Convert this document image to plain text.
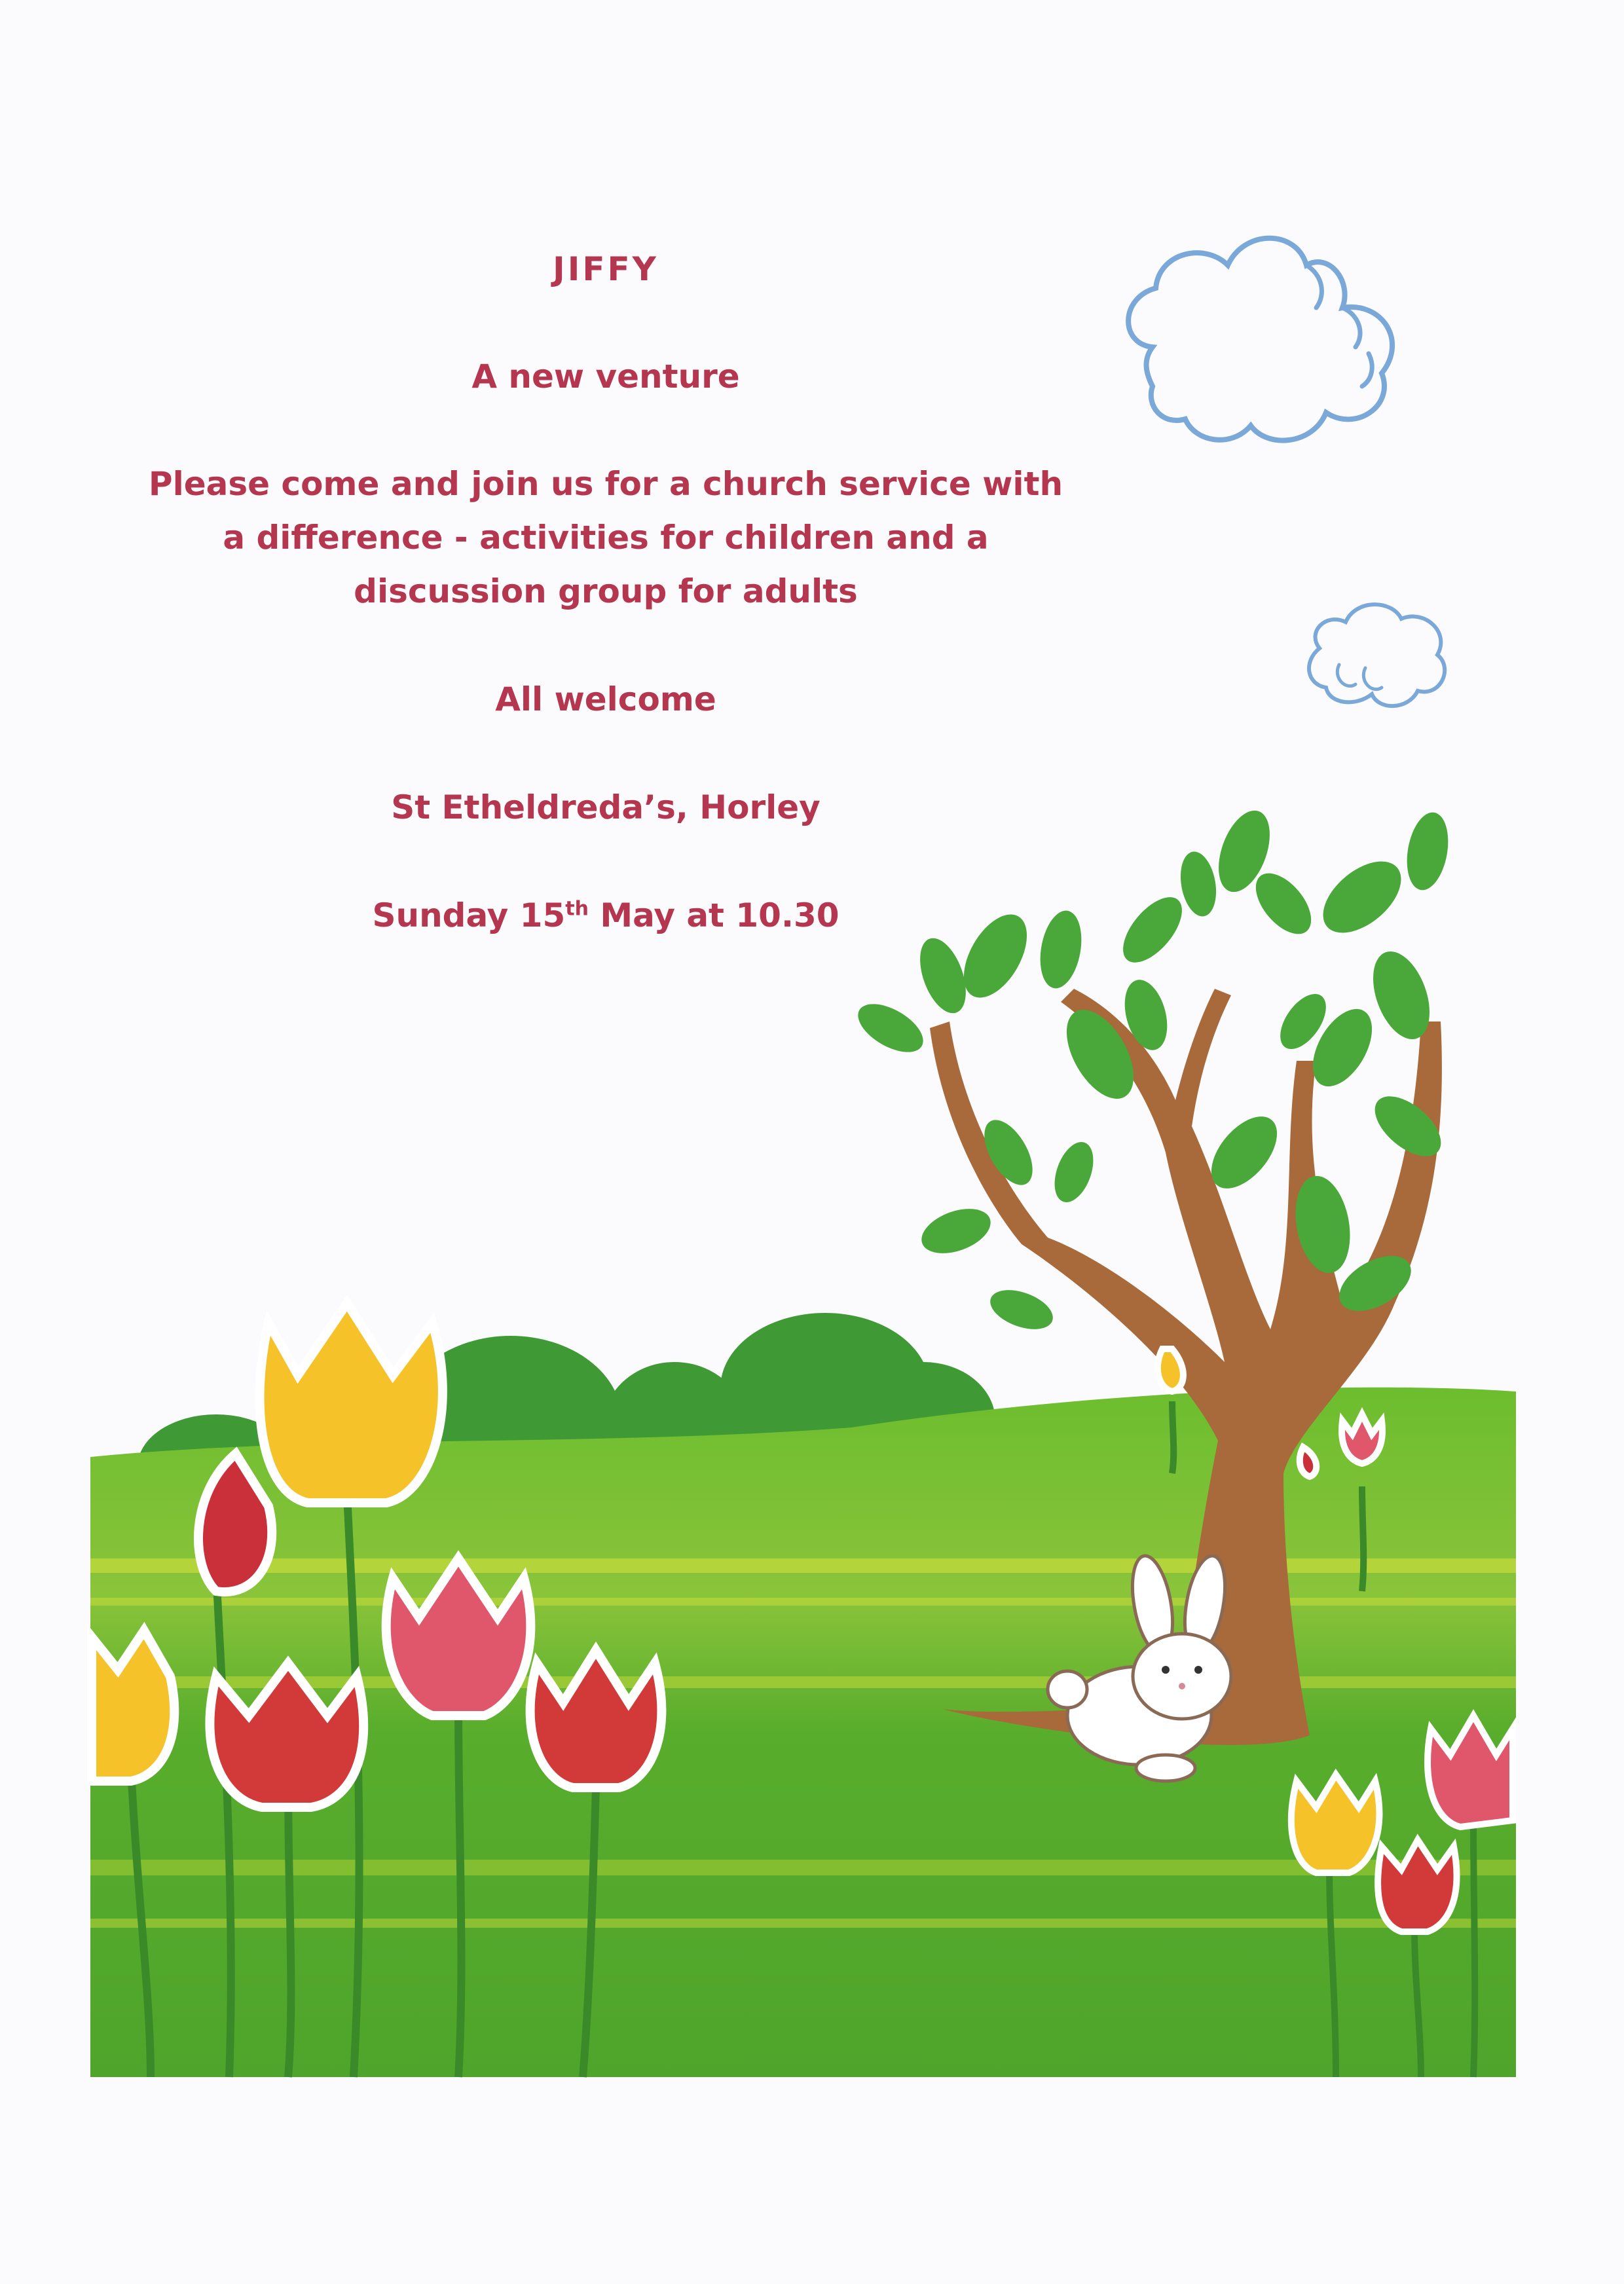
JIFFY

A new venture

Please come and join us for a church service with

a difference - activities for children and a

discussion group for adults

All welcome

St Etheldreda’s, Horley

Sunday 15th May at 10.30
